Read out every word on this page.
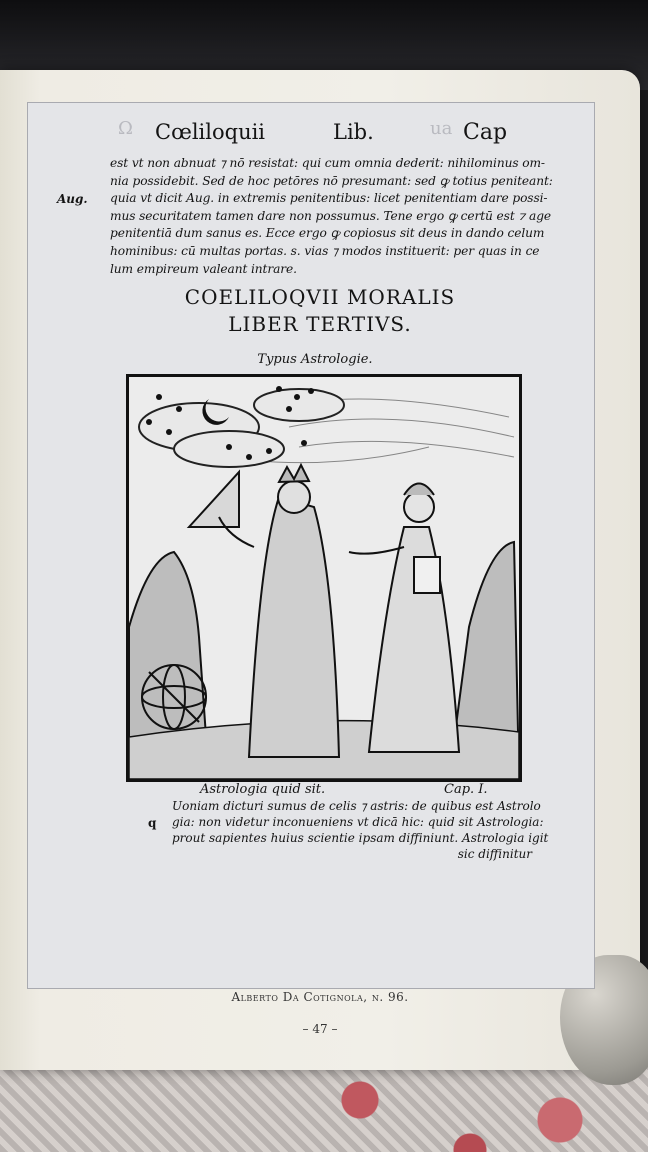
Ω	ua
Cœliloquii	Lib.	Cap
Aug.
est vt non abnuat ⁊ nō resistat: qui cum omnia dederit: nihilominus om‑
nia possidebit. Sed de hoc petōres nō presumant: sed ꝙ totius peniteant:
quia vt dicit Aug. in extremis penitentibus: licet penitentiam dare possi‑
mus securitatem tamen dare non possumus. Tene ergo ꝙ certū est ⁊ age
penitentiā dum sanus es. Ecce ergo ꝙ copiosus sit deus in dando celum
hominibus: cū multas portas. s. vias ⁊ modos instituerit: per quas in ce
lum empireum valeant intrare.
COELILOQVII MORALIS
LIBER TERTIVS.
Typus Astrologie.
Astrologia quid sit.	Cap. I.
q
Uoniam dicturi sumus de celis ⁊ astris: de quibus est Astrolo
gia: non videtur inconueniens vt dicā hic: quid sit Astrologia:
prout sapientes huius scientie ipsam diffiniunt. Astrologia igit
sic diffinitur
Alberto Da Cotignola, n. 96.
– 47 –
